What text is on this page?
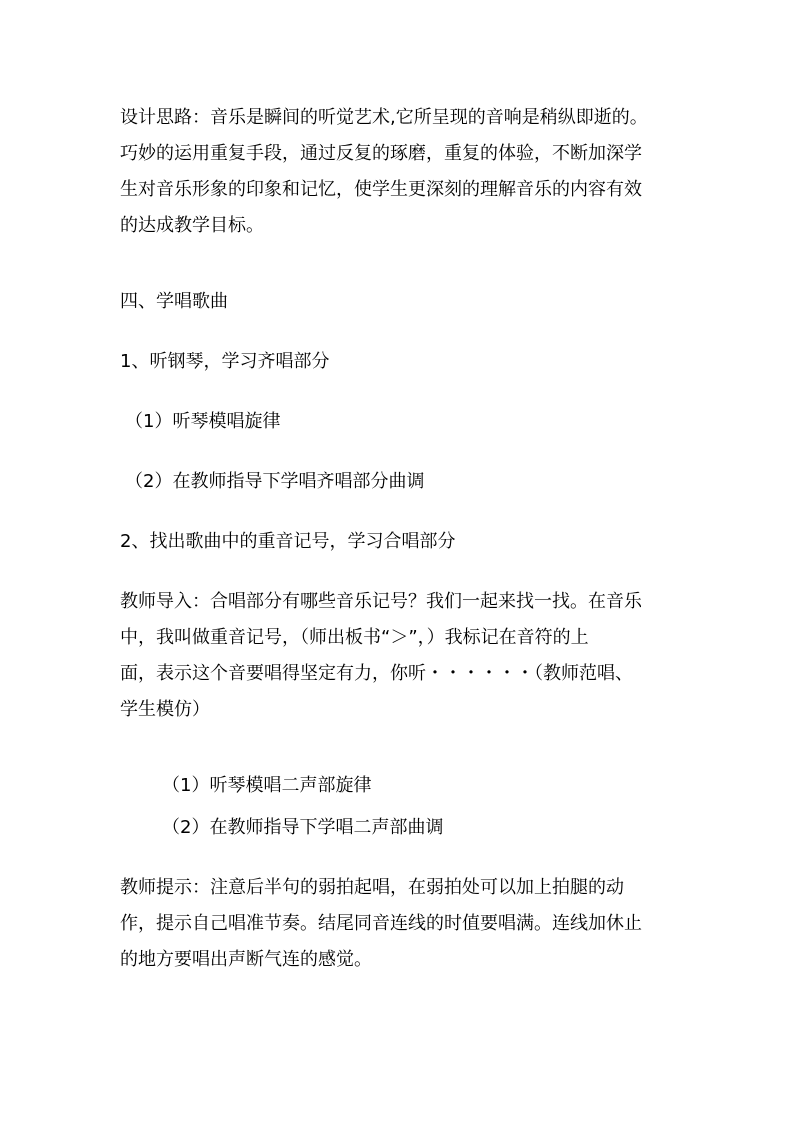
设计思路：音乐是瞬间的听觉艺术,它所呈现的音响是稍纵即逝的。
巧妙的运用重复手段，通过反复的琢磨，重复的体验，不断加深学
生对音乐形象的印象和记忆，使学生更深刻的理解音乐的内容有效
的达成教学目标。
四、学唱歌曲
1、听钢琴，学习齐唱部分
（1）听琴模唱旋律
（2）在教师指导下学唱齐唱部分曲调
2、找出歌曲中的重音记号，学习合唱部分
教师导入：合唱部分有哪些音乐记号？我们一起来找一找。在音乐
中，我叫做重音记号，（师出板书“＞”，）我标记在音符的上
面，表示这个音要唱得坚定有力，你听・・・・・・（教师范唱、
学生模仿）
（1）听琴模唱二声部旋律
（2）在教师指导下学唱二声部曲调
教师提示：注意后半句的弱拍起唱，在弱拍处可以加上拍腿的动
作，提示自己唱准节奏。结尾同音连线的时值要唱满。连线加休止
的地方要唱出声断气连的感觉。
